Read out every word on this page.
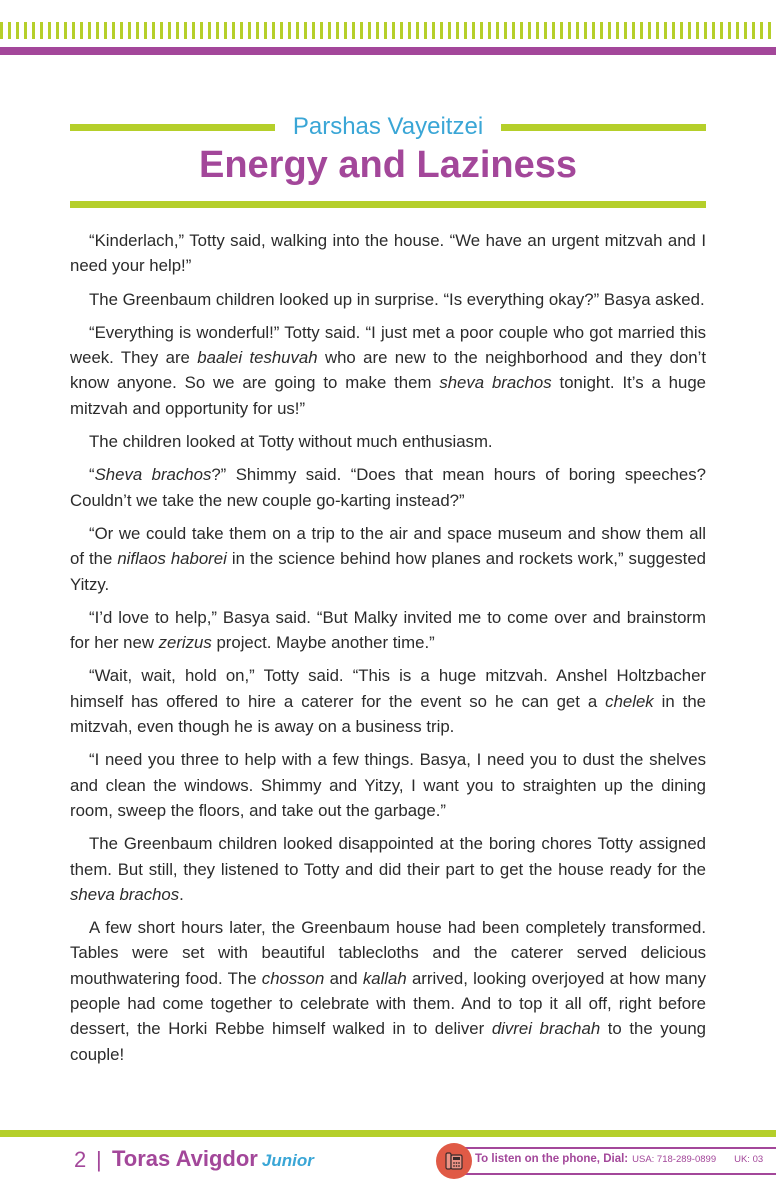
Parshas Vayeitzei
Energy and Laziness

“Kinderlach,” Totty said, walking into the house. “We have an urgent mitzvah and I need your help!”

The Greenbaum children looked up in surprise. “Is everything okay?” Basya asked.

“Everything is wonderful!” Totty said. “I just met a poor couple who got married this week. They are baalei teshuvah who are new to the neighborhood and they don’t know anyone. So we are going to make them sheva brachos tonight. It’s a huge mitzvah and opportunity for us!”

The children looked at Totty without much enthusiasm.

“Sheva brachos?” Shimmy said. “Does that mean hours of boring speeches? Couldn’t we take the new couple go-karting instead?”

“Or we could take them on a trip to the air and space museum and show them all of the niflaos haborei in the science behind how planes and rockets work,” suggested Yitzy.

“I’d love to help,” Basya said. “But Malky invited me to come over and brainstorm for her new zerizus project. Maybe another time.”

“Wait, wait, hold on,” Totty said. “This is a huge mitzvah. Anshel Holtzbacher himself has offered to hire a caterer for the event so he can get a chelek in the mitzvah, even though he is away on a business trip.

“I need you three to help with a few things. Basya, I need you to dust the shelves and clean the windows. Shimmy and Yitzy, I want you to straighten up the dining room, sweep the floors, and take out the garbage.”

The Greenbaum children looked disappointed at the boring chores Totty assigned them. But still, they listened to Totty and did their part to get the house ready for the sheva brachos.

A few short hours later, the Greenbaum house had been completely transformed. Tables were set with beautiful tablecloths and the caterer served delicious mouthwatering food. The chosson and kallah arrived, looking overjoyed at how many people had come together to celebrate with them. And to top it all off, right before dessert, the Horki Rebbe himself walked in to deliver divrei brachah to the young couple!

2 | Toras Avigdor Junior	To listen on the phone, Dial: USA: 718-289-0899 UK: 03
